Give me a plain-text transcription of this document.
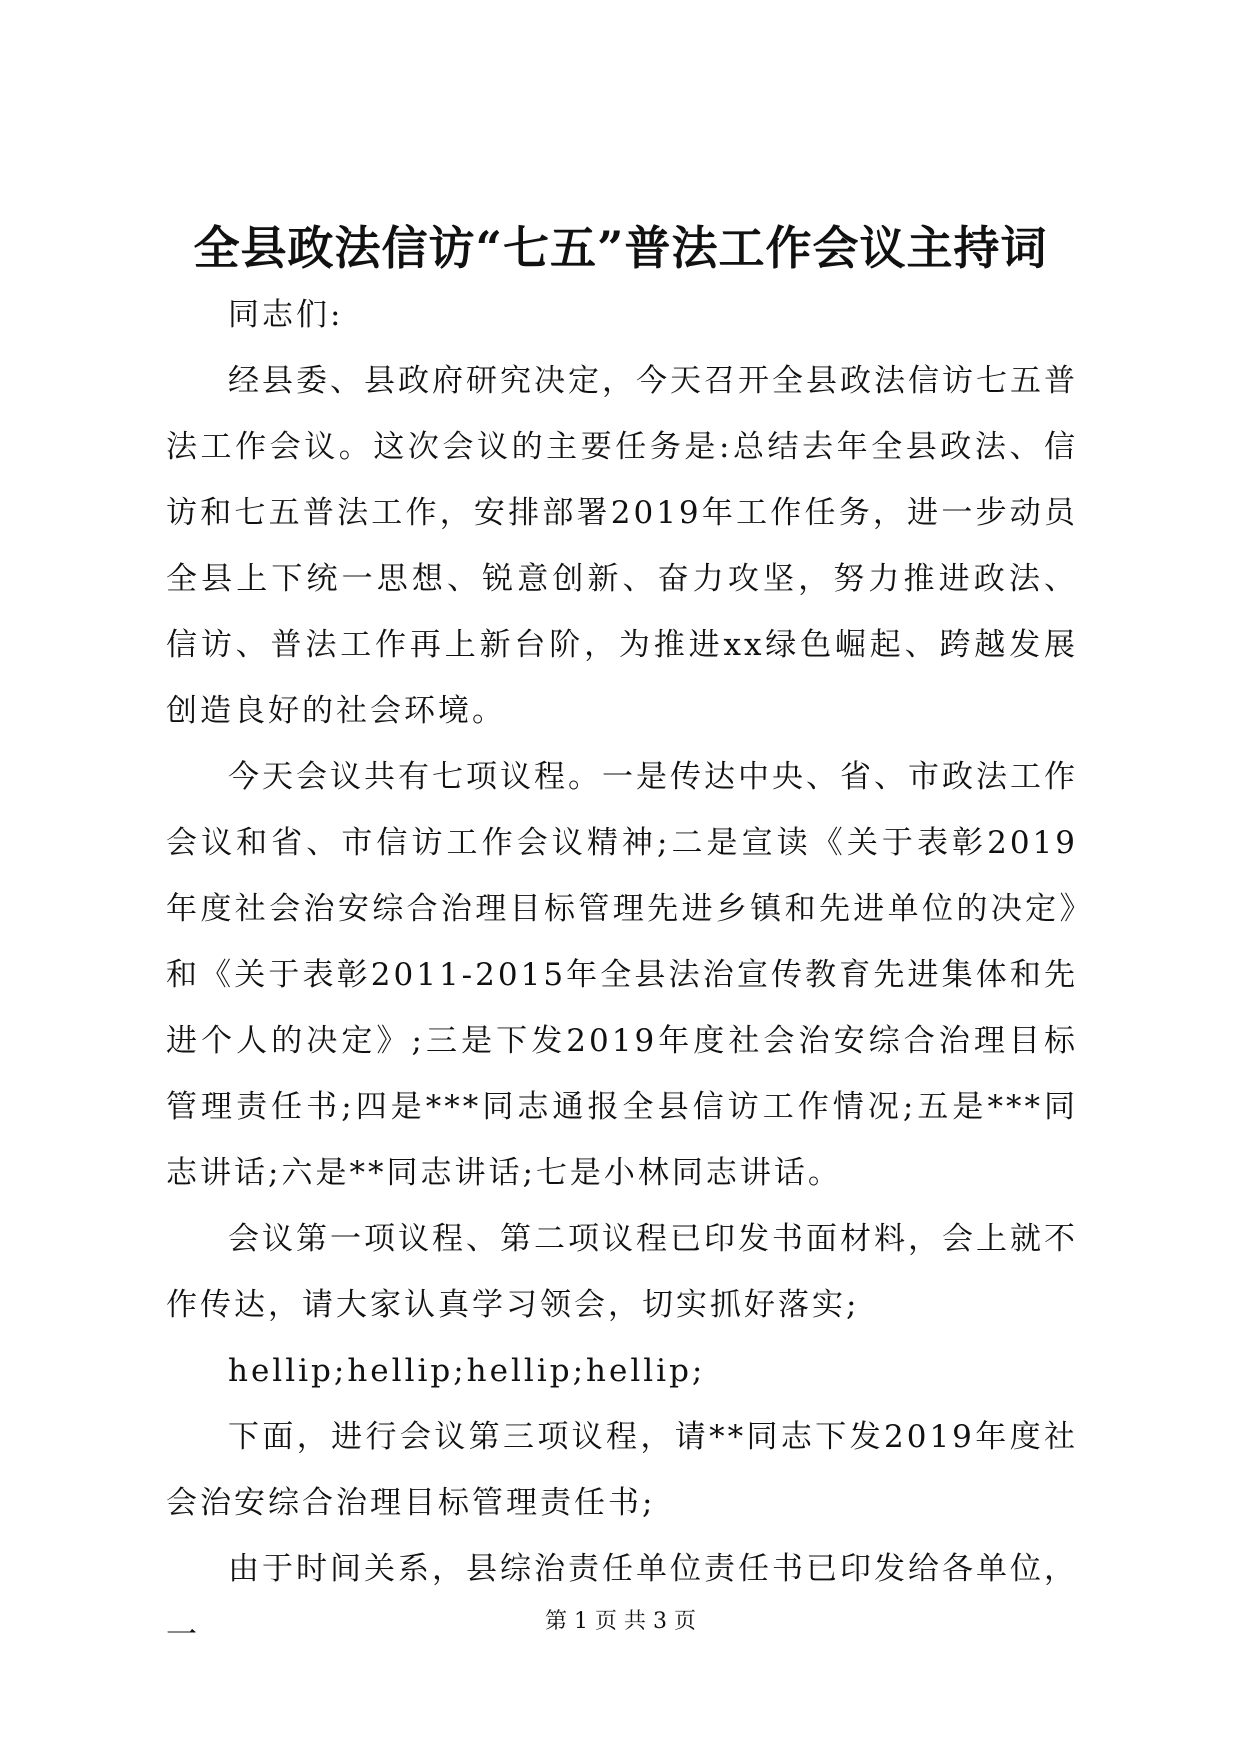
全县政法信访“七五”普法工作会议主持词

同志们:

经县委、县政府研究决定，今天召开全县政法信访七五普法工作会议。这次会议的主要任务是:总结去年全县政法、信访和七五普法工作，安排部署2019年工作任务，进一步动员全县上下统一思想、锐意创新、奋力攻坚，努力推进政法、信访、普法工作再上新台阶，为推进xx绿色崛起、跨越发展创造良好的社会环境。

今天会议共有七项议程。一是传达中央、省、市政法工作会议和省、市信访工作会议精神;二是宣读《关于表彰2019年度社会治安综合治理目标管理先进乡镇和先进单位的决定》和《关于表彰2011-2015年全县法治宣传教育先进集体和先进个人的决定》;三是下发2019年度社会治安综合治理目标管理责任书;四是***同志通报全县信访工作情况;五是***同志讲话;六是**同志讲话;七是小林同志讲话。

会议第一项议程、第二项议程已印发书面材料，会上就不作传达，请大家认真学习领会，切实抓好落实;

hellip;hellip;hellip;hellip;

下面，进行会议第三项议程，请**同志下发2019年度社会治安综合治理目标管理责任书;

由于时间关系，县综治责任单位责任书已印发给各单位，一	第 1 页 共 3 页
